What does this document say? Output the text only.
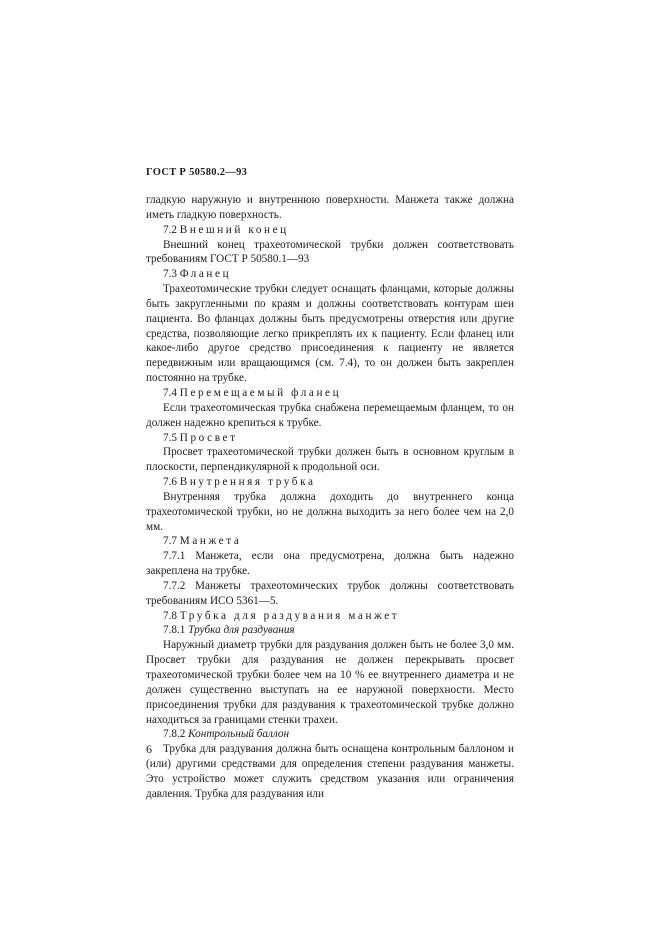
ГОСТ Р 50580.2—93

гладкую наружную и внутреннюю поверхности. Манжета также должна иметь гладкую поверхность.

7.2 Внешний конец

Внешний конец трахеотомической трубки должен соответствовать требованиям ГОСТ Р 50580.1—93

7.3 Фланец

Трахеотомические трубки следует оснащать фланцами, которые должны быть закругленными по краям и должны соответствовать контурам шеи пациента. Во фланцах должны быть предусмотрены отверстия или другие средства, позволяющие легко прикреплять их к пациенту. Если фланец или какое-либо другое средство присоединения к пациенту не является передвижным или вращающимся (см. 7.4), то он должен быть закреплен постоянно на трубке.

7.4 Перемещаемый фланец

Если трахеотомическая трубка снабжена перемещаемым фланцем, то он должен надежно крепиться к трубке.

7.5 Просвет

Просвет трахеотомической трубки должен быть в основном круглым в плоскости, перпендикулярной к продольной оси.

7.6 Внутренняя трубка

Внутренняя трубка должна доходить до внутреннего конца трахеотомической трубки, но не должна выходить за него более чем на 2,0 мм.

7.7 Манжета

7.7.1 Манжета, если она предусмотрена, должна быть надежно закреплена на трубке.

7.7.2 Манжеты трахеотомических трубок должны соответствовать требованиям ИСО 5361—5.

7.8 Трубка для раздувания манжет

7.8.1 Трубка для раздувания

Наружный диаметр трубки для раздувания должен быть не более 3,0 мм. Просвет трубки для раздувания не должен перекрывать просвет трахеотомической трубки более чем на 10 % ее внутреннего диаметра и не должен существенно выступать на ее наружной поверхности. Место присоединения трубки для раздувания к трахеотомической трубке должно находиться за границами стенки трахеи.

7.8.2 Контрольный баллон

Трубка для раздувания должна быть оснащена контрольным баллоном и (или) другими средствами для определения степени раздувания манжеты. Это устройство может служить средством указания или ограничения давления. Трубка для раздувания или

6
